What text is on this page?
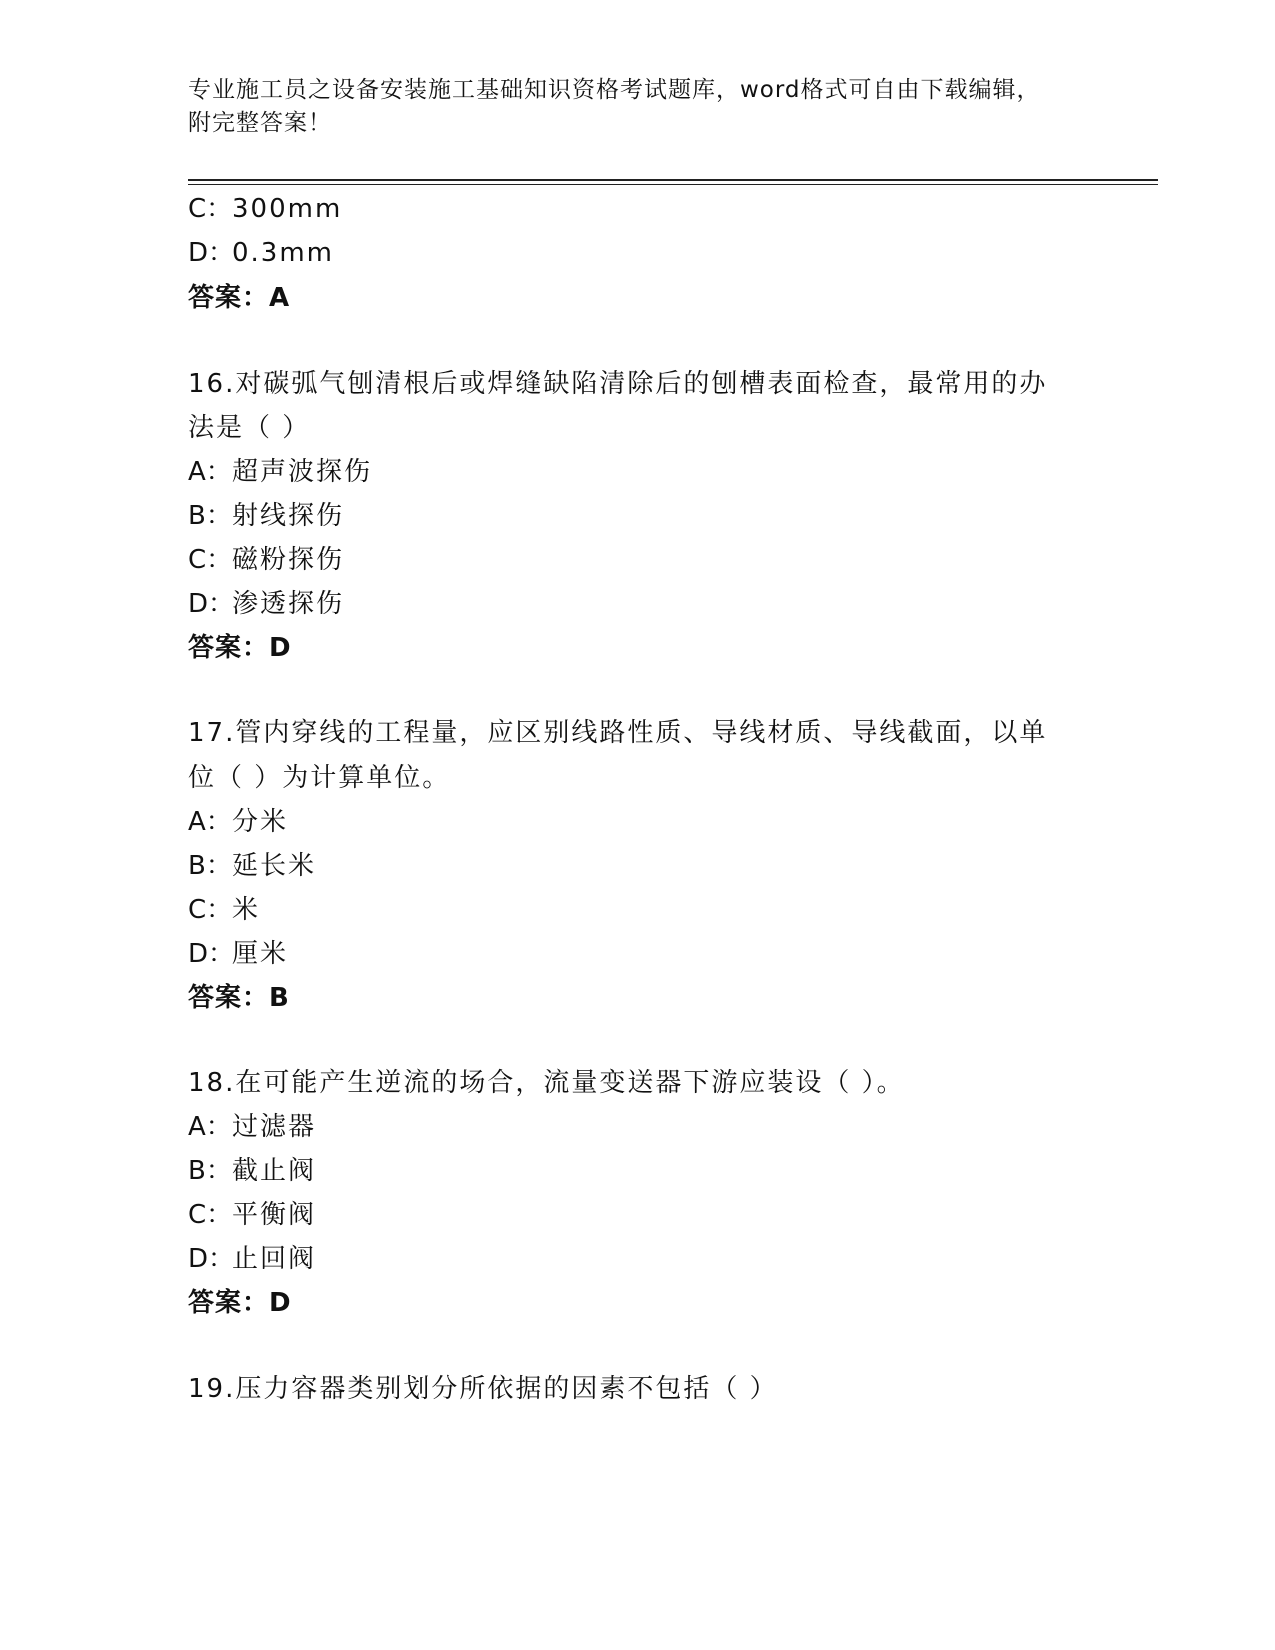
专业施工员之设备安装施工基础知识资格考试题库，word格式可自由下载编辑，
附完整答案！
C：300mm
D：0.3mm
答案：A
16.对碳弧气刨清根后或焊缝缺陷清除后的刨槽表面检查，最常用的办
法是（ ）
A：超声波探伤
B：射线探伤
C：磁粉探伤
D：渗透探伤
答案：D
17.管内穿线的工程量，应区别线路性质、导线材质、导线截面，以单
位（ ）为计算单位。
A：分米
B：延长米
C：米
D：厘米
答案：B
18.在可能产生逆流的场合，流量变送器下游应装设（ ）。
A：过滤器
B：截止阀
C：平衡阀
D：止回阀
答案：D
19.压力容器类别划分所依据的因素不包括（ ）
